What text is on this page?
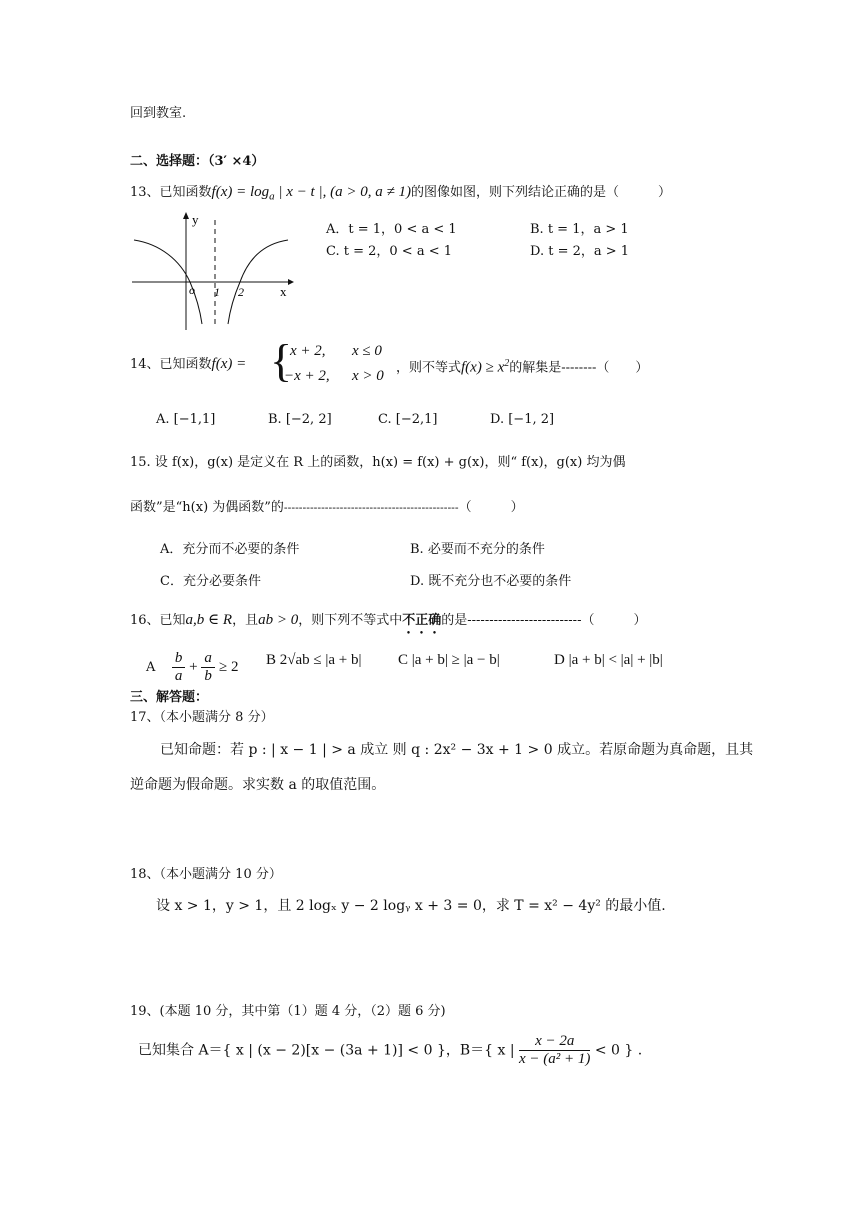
回到教室.
二、选择题：（3′ ×4）
13、已知函数$f(x) = \log_a$ | x − t |, (a > 0, a ≠ 1)的图像如图，则下列结论正确的是（　　　）
y
x
o 1 2
A．t = 1，0 < a < 1	B. t = 1，a > 1
C. t = 2，0 < a < 1	D. t = 2，a > 1
14、已知函数f(x) = {
x + 2, x ≤ 0
−x + 2, x > 0
，则不等式$f(x) \ge x^2$的解集是--------（　　）
A. [−1,1]	B. [−2, 2]	C. [−2,1]	D. [−1, 2]
15. 设 f(x)，g(x) 是定义在 R 上的函数，h(x) = f(x) + g(x)，则“ f(x)，g(x) 均为偶
函数”是“h(x) 为偶函数”的-----------------------------------------------（　　　）
A．充分而不必要的条件	B. 必要而不充分的条件
C．充分必要条件	D. 既不充分也不必要的条件
16、已知a,b ∈ R，且ab > 0，则下列不等式中不正确的是--------------------------（　　　）
A $\frac{b}{a} + \frac{a}{b} \ge 2$ B 2√ab ≤ |a + b| C |a + b| ≥ |a − b|	D |a + b| < |a| + |b|
三、解答题：
17、（本小题满分 8 分）
已知命题：若 p : | x − 1 | > a 成立 则 q : 2x² − 3x + 1 > 0 成立。若原命题为真命题，且其
逆命题为假命题。求实数 a 的取值范围。
18、（本小题满分 10 分）
设 x > 1，y > 1，且 2 logₓ y − 2 logᵧ x + 3 = 0，求 T = x² − 4y² 的最小值.
19、(本题 10 分，其中第（1）题 4 分，（2）题 6 分)
已知集合 A＝{ x | (x − 2)[x − (3a + 1)] < 0 }，B＝{ x | $\frac{x - 2a}{\text{x − (a² + 1)}} < 0$ } .
